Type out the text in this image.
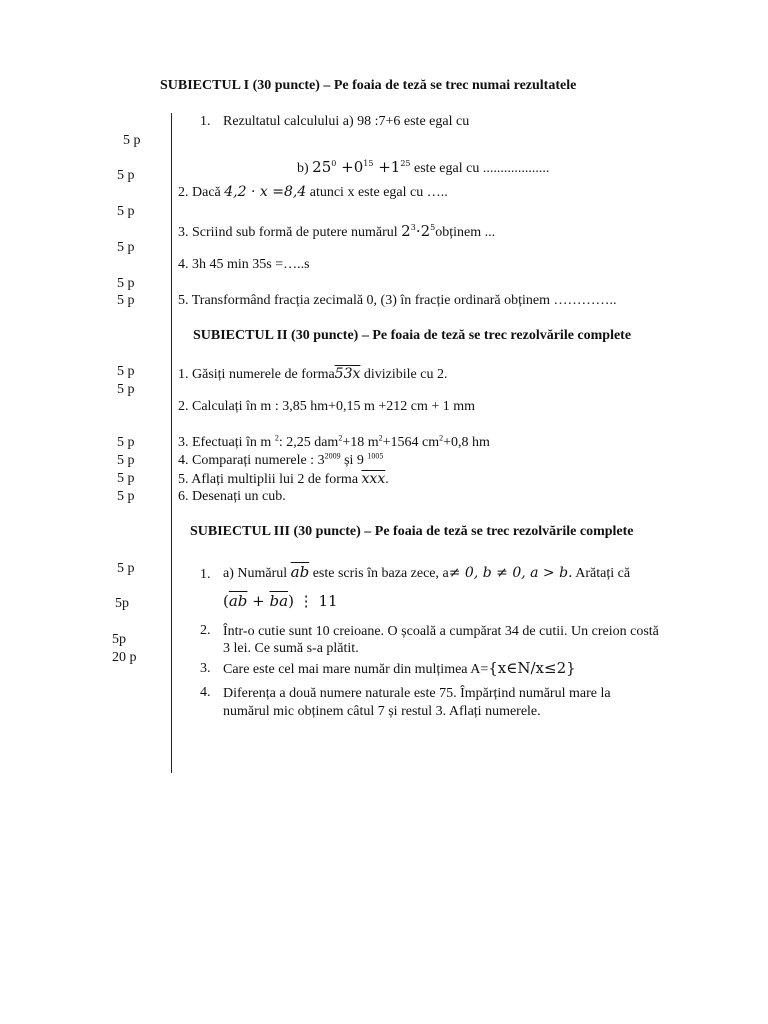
SUBIECTUL I (30 puncte) – Pe foaia de teză se trec numai rezultatele
5 p
5 p
5 p
5 p
5 p
5 p
1. Rezultatul calculului a) 98 :7+6 este egal cu
b) $25^0 +0^{15} +1^{25}$ este egal cu ...................
2. Dacă 4,2 · x =8,4 atunci x este egal cu …..
3. Scriind sub formă de putere numărul $2^3\cdot 2^5obținem$ ...
4. 3h 45 min 35s =…..s
5. Transformând fracția zecimală 0, (3) în fracție ordinară obținem …………..
SUBIECTUL II (30 puncte) – Pe foaia de teză se trec rezolvările complete
5 p
5 p
5 p
5 p
5 p
5 p
1. Găsiți numerele de forma53x divizibile cu 2.
2. Calculați în m : 3,85 hm+0,15 m +212 cm + 1 mm
3. Efectuați în m $^2$: 2,25 dam$^2$+18 $m^2+1564$ $cm^2+0,8$ hm
4. Comparați numerele : $3^{2009}$ și 9 $^{1005}$
5. Aflați multiplii lui 2 de forma $\overline{xxx}$.
6. Desenați un cub.
SUBIECTUL III (30 puncte) – Pe foaia de teză se trec rezolvările complete
5 p
5p
5p
20 p
1. a) Numărul $\overline{ab}$ este scris în baza zece, a≠ 0, b ≠ 0, a > b. Arătați că
$(\overline{ab} + \overline{ba})$ ⋮ 11
2. Într-o cutie sunt 10 creioane. O școală a cumpărat 34 de cutii. Un creion costă 3 lei. Ce sumă s-a plătit.
3. Care este cel mai mare număr din mulțimea A={x∈N/x≤2}
4. Diferența a două numere naturale este 75. Împărțind numărul mare la numărul mic obținem câtul 7 și restul 3. Aflați numerele.
